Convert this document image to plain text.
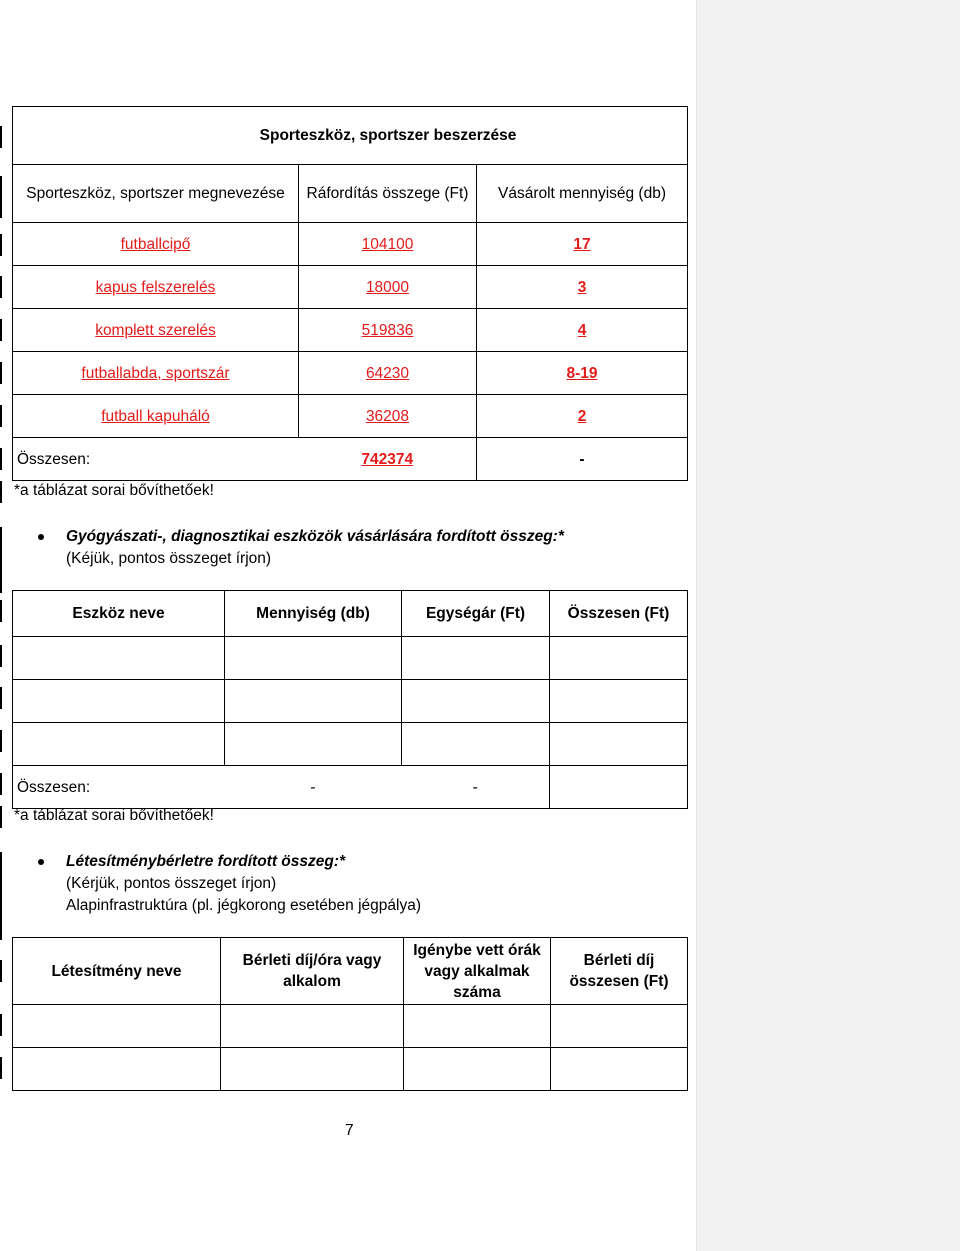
Sporteszköz, sportszer beszerzése		
Sporteszköz, sportszer megnevezése	Ráfordítás összege (Ft)	Vásárolt mennyiség (db)
futballcipő	104100	17
kapus felszerelés	18000	3
komplett szerelés	519836	4
futballabda, sportszár	64230	8-19
futball kapuháló	36208	2
Összesen:	742374	-
*a táblázat sorai bővíthetőek!
Gyógyászati-, diagnosztikai eszközök vásárlására fordított összeg:*
(Kéjük, pontos összeget írjon)
Eszköz neve	Mennyiség (db)	Egységár (Ft)	Összesen (Ft)

Összesen:	-	-	
*a táblázat sorai bővíthetőek!
Létesítménybérletre fordított összeg:*
(Kérjük, pontos összeget írjon)
Alapinfrastruktúra (pl. jégkorong esetében jégpálya)
Létesítmény neve	Bérleti díj/óra vagy alkalom	Igénybe vett órák vagy alkalmak száma	Bérleti díj összesen (Ft)

7
